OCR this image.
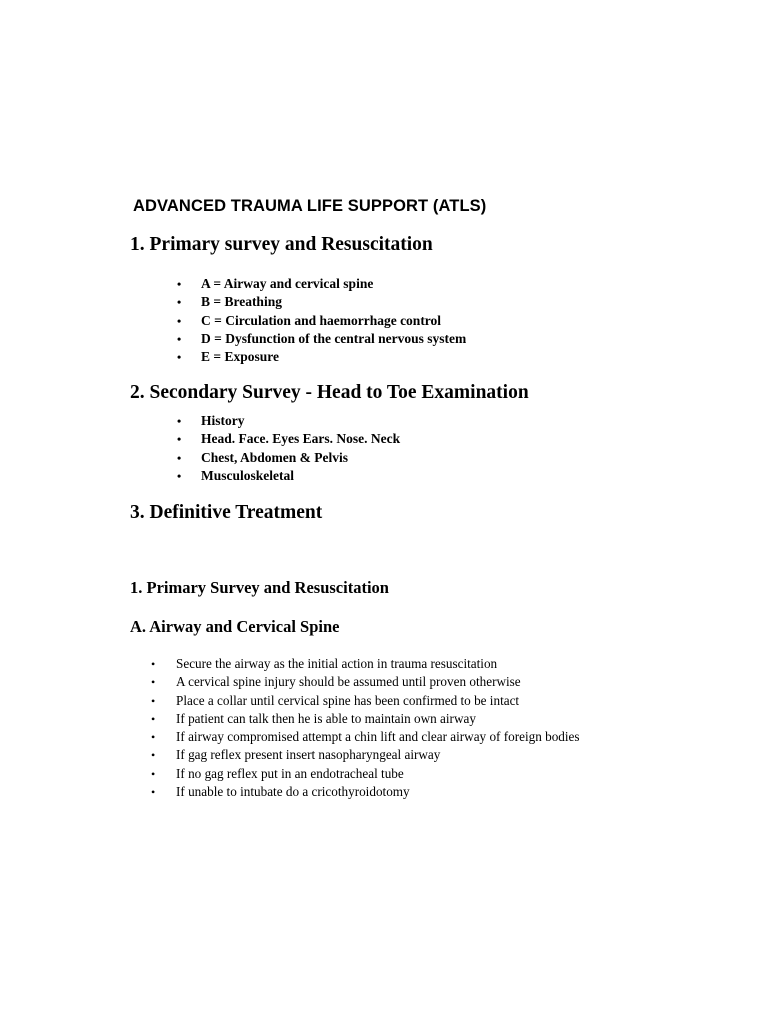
ADVANCED TRAUMA LIFE SUPPORT (ATLS)
1. Primary survey and Resuscitation
• A = Airway and cervical spine
• B = Breathing
• C = Circulation and haemorrhage control
• D = Dysfunction of the central nervous system
• E = Exposure
2. Secondary Survey - Head to Toe Examination
• History
• Head. Face. Eyes Ears. Nose. Neck
• Chest, Abdomen & Pelvis
• Musculoskeletal
3. Definitive Treatment
1. Primary Survey and Resuscitation
A. Airway and Cervical Spine
• Secure the airway as the initial action in trauma resuscitation
• A cervical spine injury should be assumed until proven otherwise
• Place a collar until cervical spine has been confirmed to be intact
• If patient can talk then he is able to maintain own airway
• If airway compromised attempt a chin lift and clear airway of foreign bodies
• If gag reflex present insert nasopharyngeal airway
• If no gag reflex put in an endotracheal tube
• If unable to intubate do a cricothyroidotomy
